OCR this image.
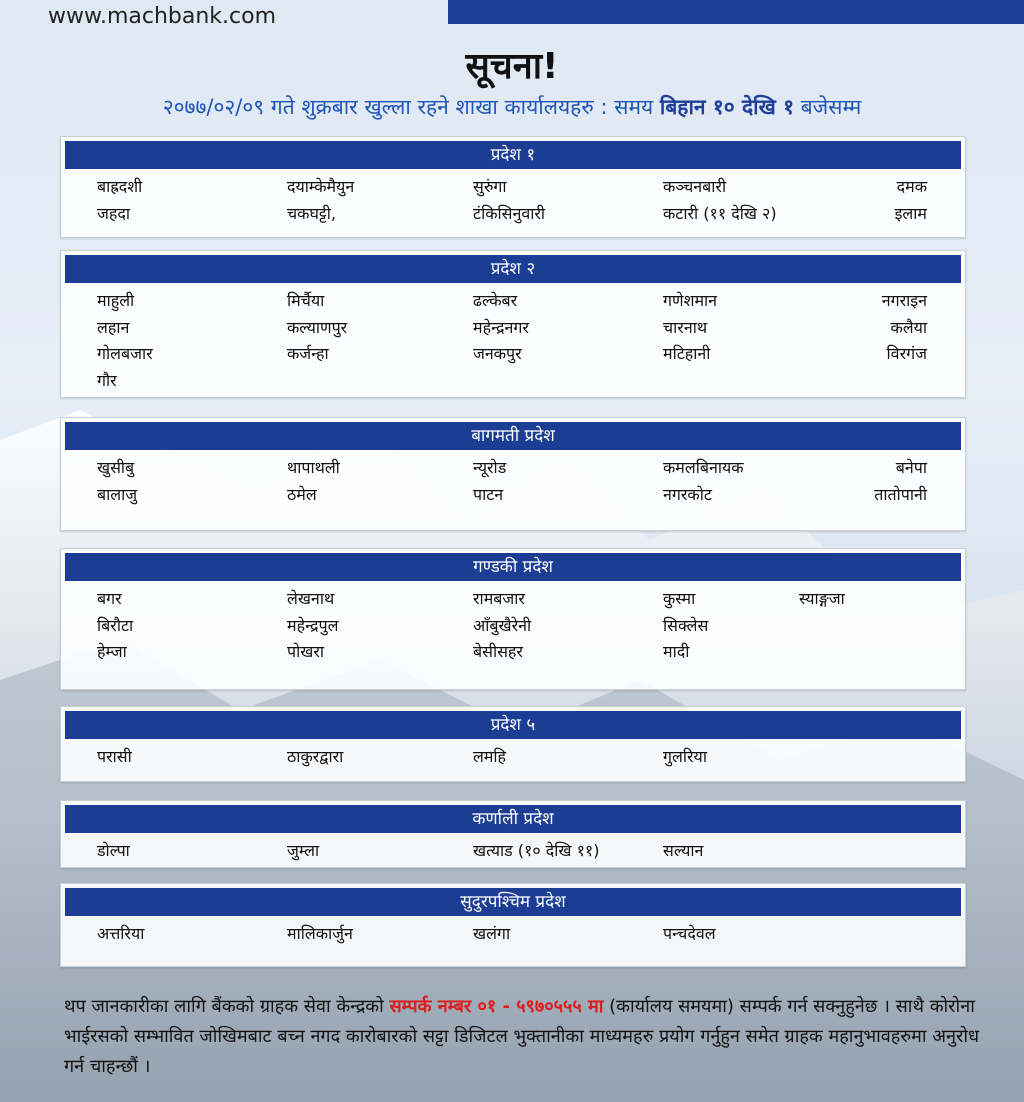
www.machbank.com
सूचना!
२०७७/०२/०९ गते शुक्रबार खुल्ला रहने शाखा कार्यालयहरु : समय बिहान १० देखि १ बजेसम्म
प्रदेश १
बाह्रदशी	दयाम्केमैयुन	सुरुंगा	कञ्चनबारी	दमक
जहदा	चकघट्टी,	टंकिसिनुवारी	कटारी (११ देखि २)	इलाम
प्रदेश २
माहुली	मिर्चैया	ढल्केबर	गणेशमान	नगराइन
लहान	कल्याणपुर	महेन्द्रनगर	चारनाथ	कलैया
गोलबजार	कर्जन्हा	जनकपुर	मटिहानी	विरगंज
गौर
बागमती प्रदेश
खुसीबु	थापाथली	न्यूरोड	कमलबिनायक	बनेपा
बालाजु	ठमेल	पाटन	नगरकोट	तातोपानी
गण्डकी प्रदेश
बगर	लेखनाथ	रामबजार	कुस्मा	स्याङ्गजा
बिरौटा	महेन्द्रपुल	आँबुखैरेनी	सिक्लेस
हेम्जा	पोखरा	बेसीसहर	मादी
प्रदेश ५
परासी	ठाकुरद्वारा	लमहि	गुलरिया
कर्णाली प्रदेश
डोल्पा	जुम्ला	खत्याड (१० देखि ११)	सल्यान
सुदुरपश्चिम प्रदेश
अत्तरिया	मालिकार्जुन	खलंगा	पन्चदेवल
थप जानकारीका लागि बैंकको ग्राहक सेवा केन्द्रको सम्पर्क नम्बर ०१ - ५९७०५५५ मा (कार्यालय समयमा) सम्पर्क गर्न सक्नुहुनेछ । साथै कोरोना भाईरसको सम्भावित जोखिमबाट बच्न नगद कारोबारको सट्टा डिजिटल भुक्तानीका माध्यमहरु प्रयोग गर्नुहुन समेत ग्राहक महानुभावहरुमा अनुरोध गर्न चाहन्छौं ।
